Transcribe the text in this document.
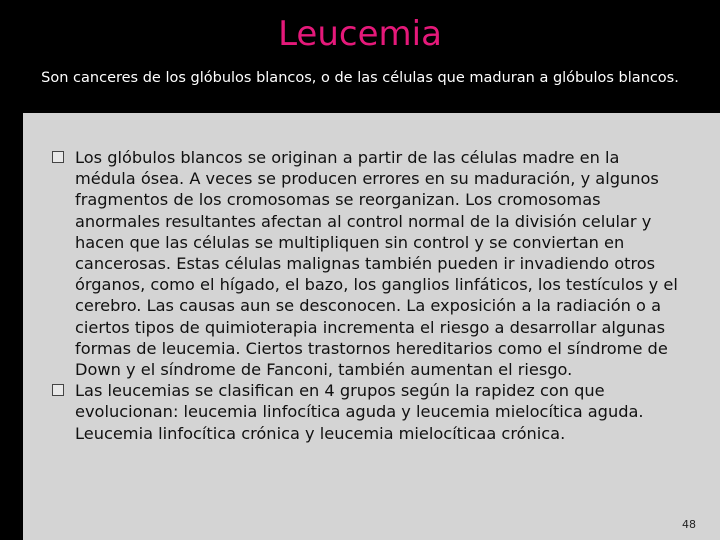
Leucemia
Son canceres de los glóbulos blancos, o de las células que maduran a glóbulos blancos.
Los glóbulos blancos se originan a partir de las células madre en la médula ósea. A veces se producen errores en su maduración, y algunos fragmentos de los cromosomas se reorganizan. Los cromosomas anormales resultantes afectan al control normal de la división celular y hacen que las células se multipliquen sin control y se conviertan en cancerosas. Estas células malignas también pueden ir invadiendo otros órganos, como el hígado, el bazo, los ganglios linfáticos, los testículos y el cerebro. Las causas aun se desconocen. La exposición a la radiación o a ciertos tipos de quimioterapia incrementa el riesgo a desarrollar algunas formas de leucemia. Ciertos trastornos hereditarios como el síndrome de Down y el síndrome de Fanconi, también aumentan el riesgo.
Las leucemias se clasifican en 4 grupos según la rapidez con que evolucionan: leucemia linfocítica aguda y leucemia mielocítica aguda. Leucemia linfocítica crónica y leucemia mielocíticaa crónica.
48
